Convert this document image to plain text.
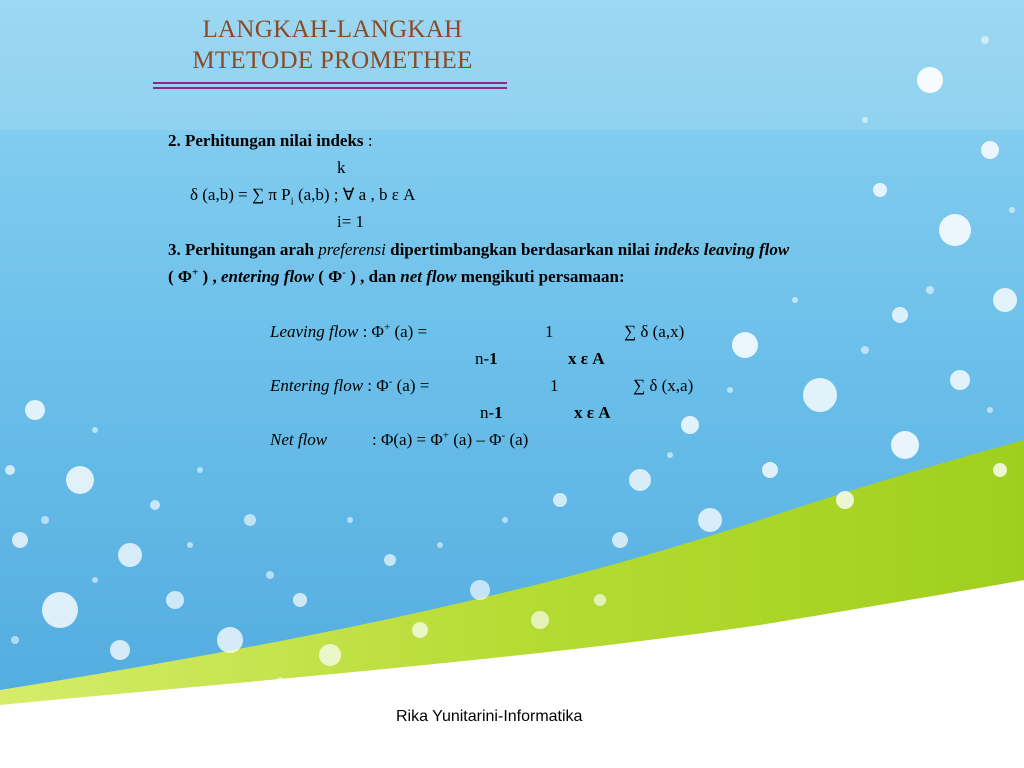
LANGKAH-LANGKAH
MTETODE PROMETHEE
2. Perhitungan nilai indeks :
k
δ (a,b) = ∑ π $P_i$ (a,b) ; ∀ a , b ε A
i= 1
3. Perhitungan arah preferensi dipertimbangkan berdasarkan nilai indeks leaving flow
( Φ+ ) , entering flow ( Φ- ) , dan net flow mengikuti persamaan:
Leaving flow : Φ+ (a) =	1	∑ δ (a,x)
n-1	x ε A
Entering flow : Φ- (a) =	1	∑ δ (x,a)
n-1	x ε A
Net flow	: Φ(a) = Φ+ (a) – Φ- (a)
Rika Yunitarini-Informatika
